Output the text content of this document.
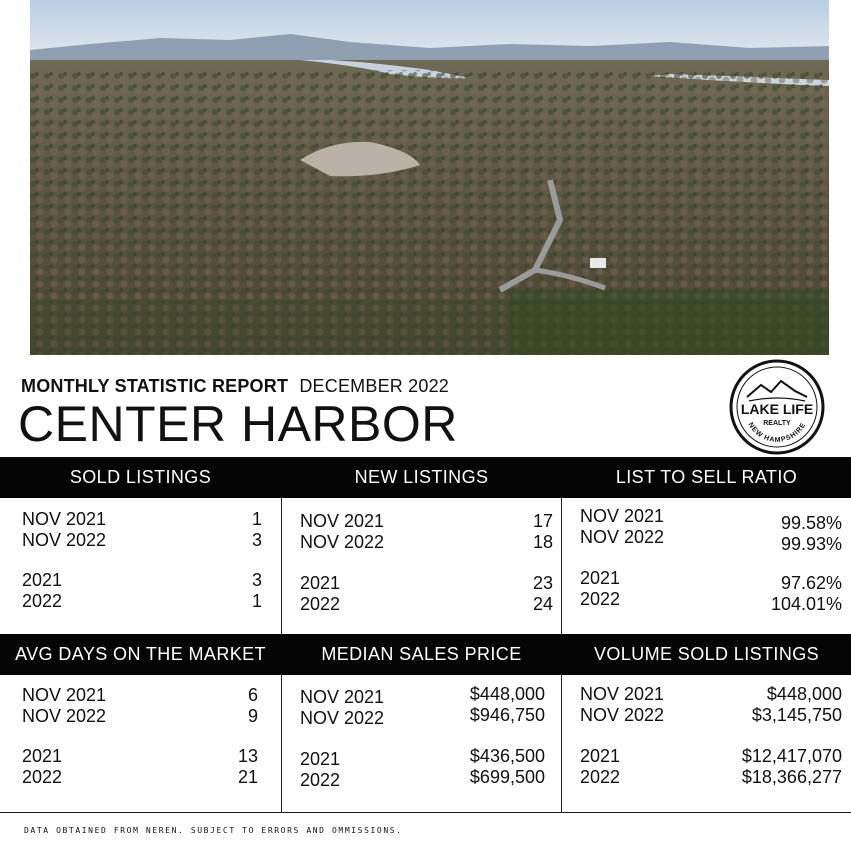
MONTHLY STATISTIC REPORT DECEMBER 2022
CENTER HARBOR	LAKE LIFE
REALTY
NEW HAMPSHIRE
SOLD LISTINGS	NEW LISTINGS	LIST TO SELL RATIO
AVG DAYS ON THE MARKET	MEDIAN SALES PRICE	VOLUME SOLD LISTINGS
NOV 2021	1
NOV 2022	3
2021	3
2022	1
NOV 2021	17
NOV 2022	18
2021	23
2022	24
NOV 2021	99.58%
NOV 2022	99.93%
2021	97.62%
2022	104.01%
NOV 2021	6
NOV 2022	9
2021	13
2022	21
NOV 2021	$448,000
NOV 2022	$946,750
2021	$436,500
2022	$699,500
NOV 2021	$448,000
NOV 2022	$3,145,750
2021	$12,417,070
2022	$18,366,277
DATA OBTAINED FROM NEREN. SUBJECT TO ERRORS AND OMMISSIONS.
